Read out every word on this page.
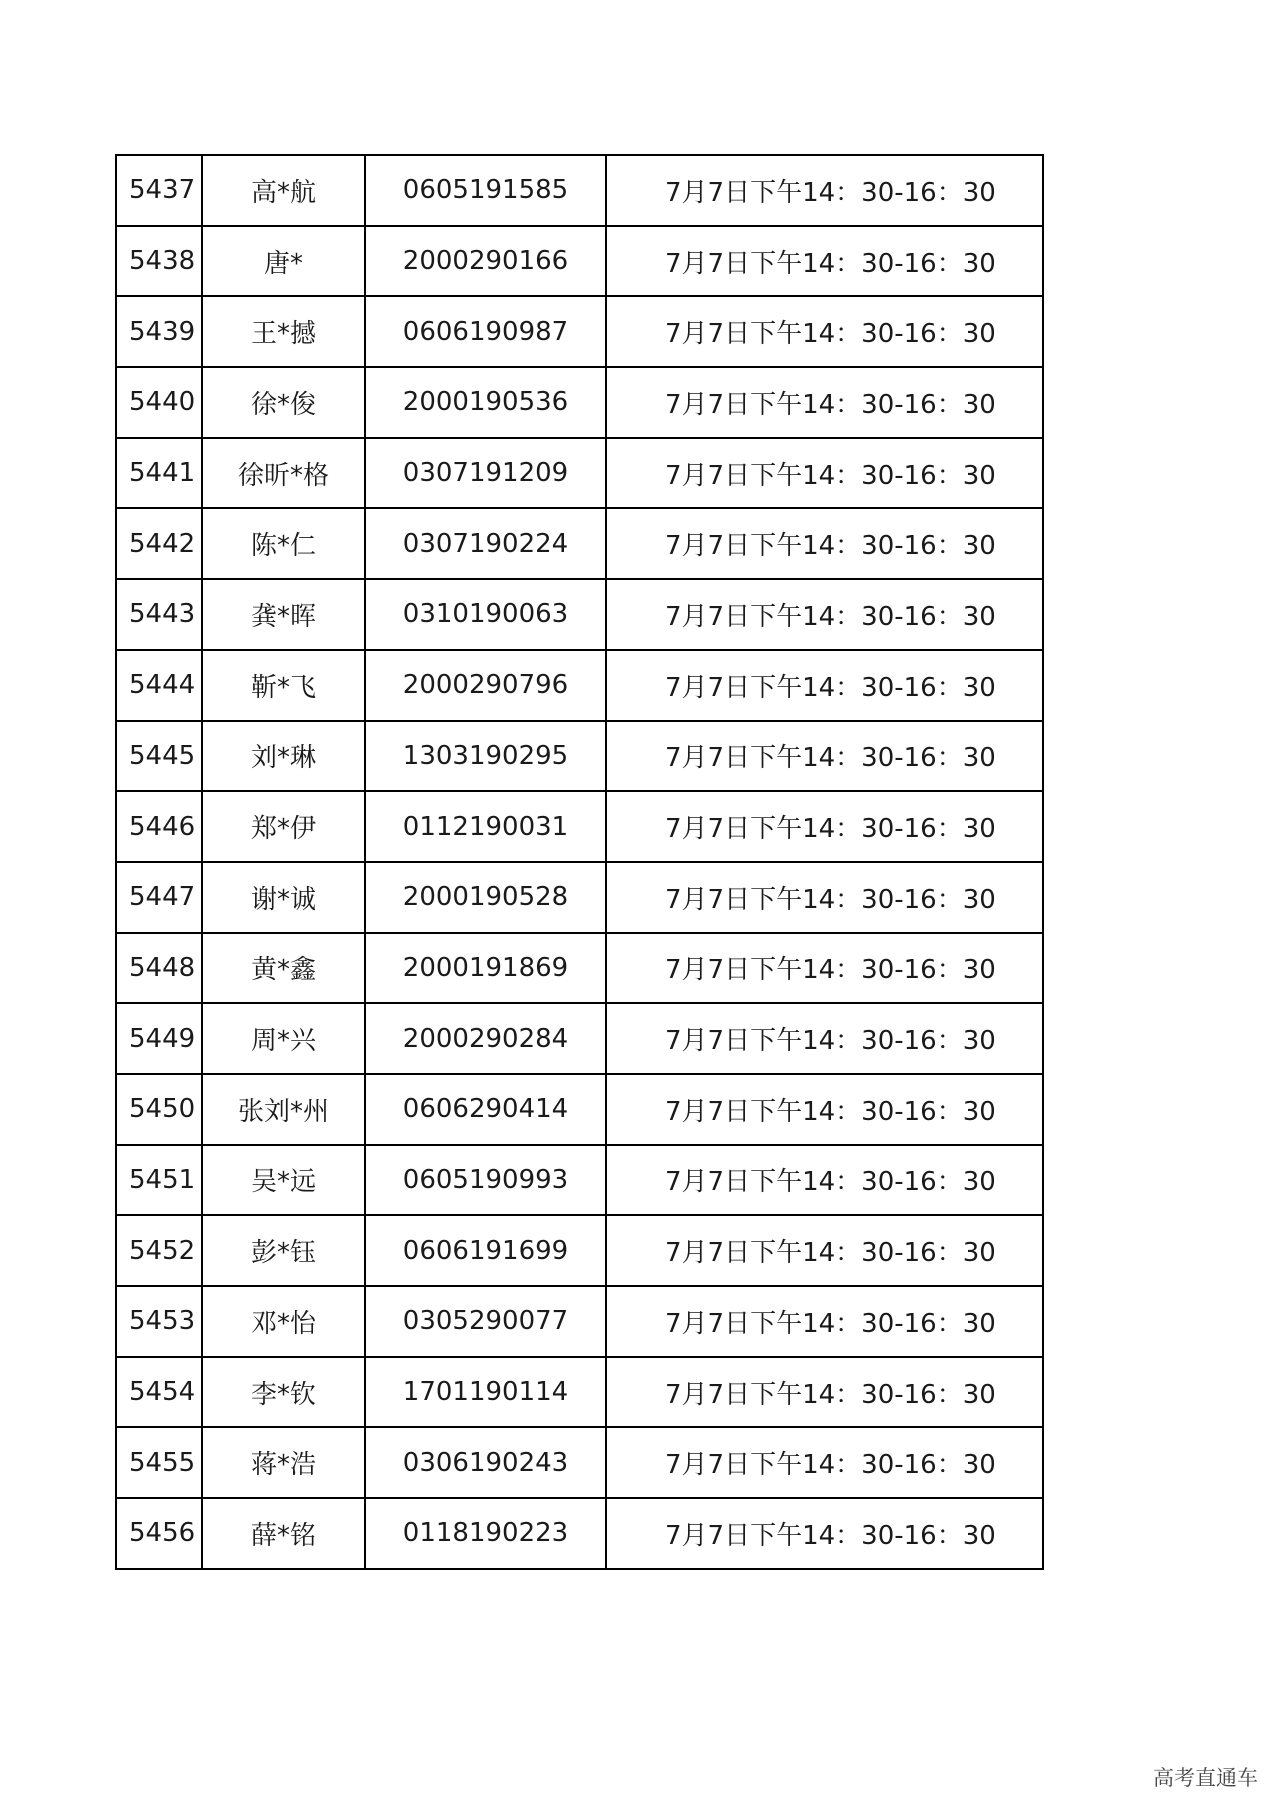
5437	高*航	0605191585	7月7日下午14：30-16：30
5438	唐*	2000290166	7月7日下午14：30-16：30
5439	王*撼	0606190987	7月7日下午14：30-16：30
5440	徐*俊	2000190536	7月7日下午14：30-16：30
5441	徐昕*格	0307191209	7月7日下午14：30-16：30
5442	陈*仁	0307190224	7月7日下午14：30-16：30
5443	龚*晖	0310190063	7月7日下午14：30-16：30
5444	靳*飞	2000290796	7月7日下午14：30-16：30
5445	刘*琳	1303190295	7月7日下午14：30-16：30
5446	郑*伊	0112190031	7月7日下午14：30-16：30
5447	谢*诚	2000190528	7月7日下午14：30-16：30
5448	黄*鑫	2000191869	7月7日下午14：30-16：30
5449	周*兴	2000290284	7月7日下午14：30-16：30
5450	张刘*州	0606290414	7月7日下午14：30-16：30
5451	吴*远	0605190993	7月7日下午14：30-16：30
5452	彭*钰	0606191699	7月7日下午14：30-16：30
5453	邓*怡	0305290077	7月7日下午14：30-16：30
5454	李*钦	1701190114	7月7日下午14：30-16：30
5455	蒋*浩	0306190243	7月7日下午14：30-16：30
5456	薛*铭	0118190223	7月7日下午14：30-16：30
高考直通车
